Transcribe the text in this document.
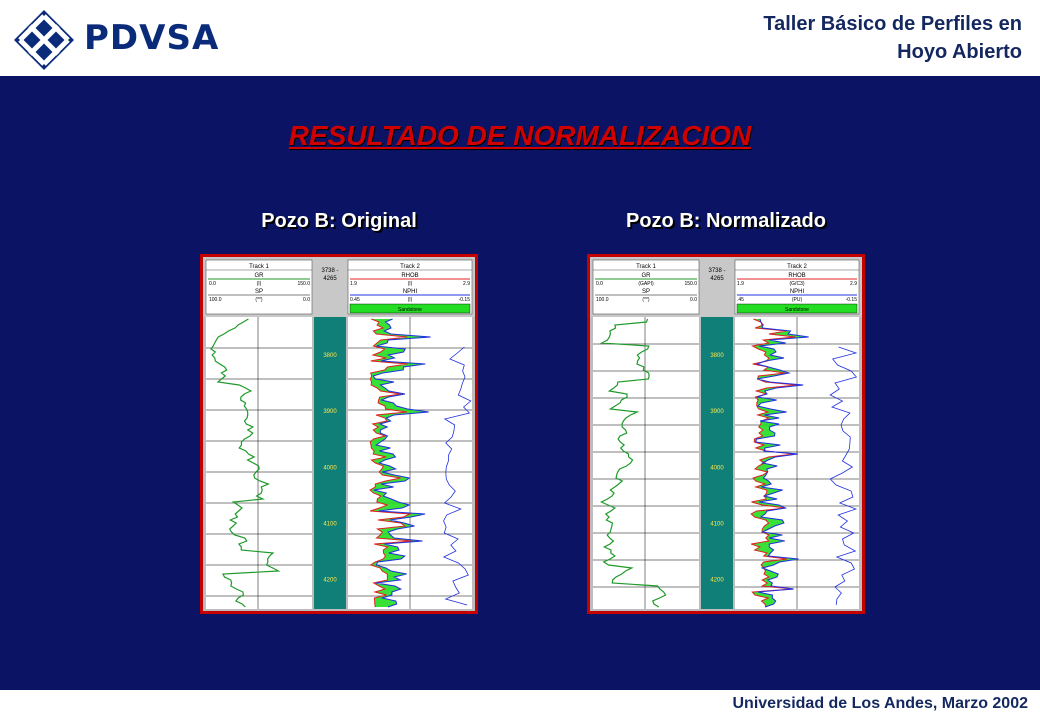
PDVSA	Taller Básico de Perfiles en
Hoyo Abierto
RESULTADO DE NORMALIZACION
Pozo B: Original	Pozo B: Normalizado
Track 1
GR
0.0	(I)	150.0
SP
100.0	(**)	0.0
3738 -
4265
Track 2
RHOB
1.9	(I)	2.9
NPHI
0.45	(I)	-0.15
Sandstone
3800
3900
4000
4100
4200
Track 1
GR
0.0	(GAPI)	150.0
SP
100.0	(**)	0.0
3738 -
4265
Track 2
RHOB
1.9	(G/C3)	2.9
NPHI
.45	(PU)	-0.15
Sandstone
3800
3900
4000
4100
4200
Universidad de Los Andes, Marzo 2002
